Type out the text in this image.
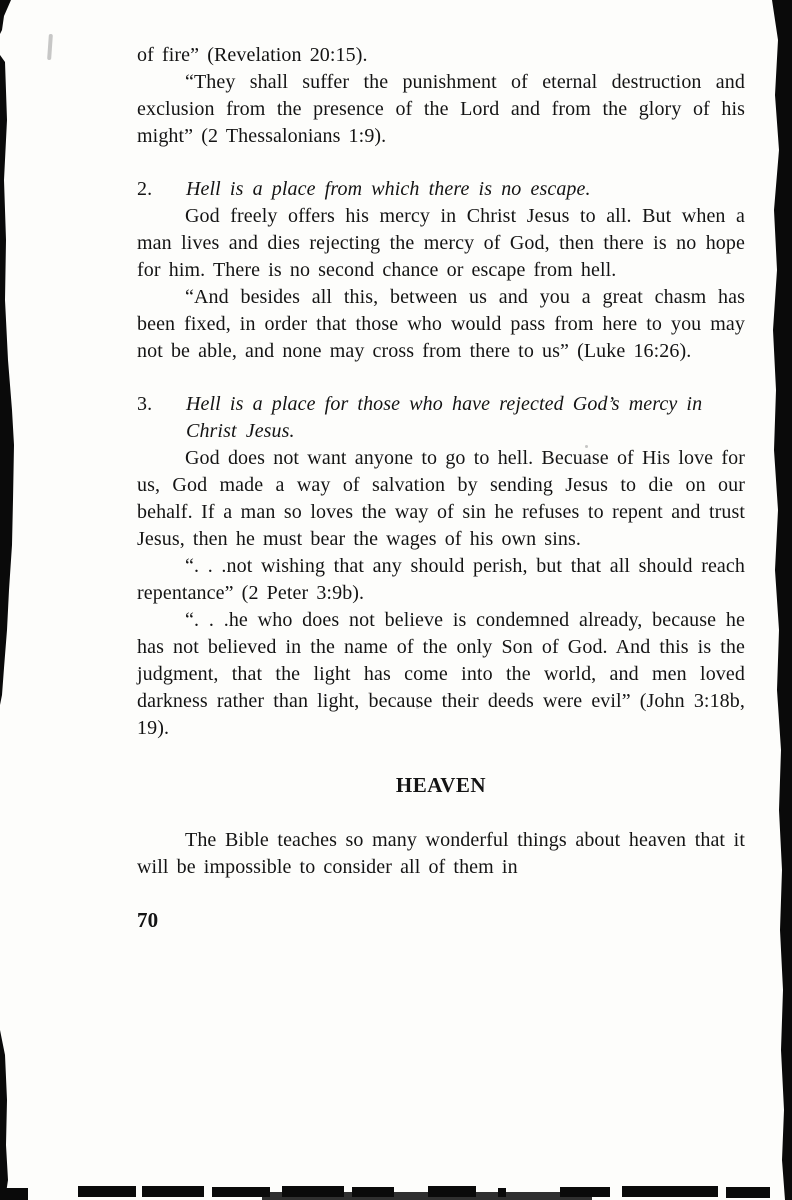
of fire” (Revelation 20:15).

“They shall suffer the punishment of eternal destruction and exclusion from the presence of the Lord and from the glory of his might” (2 Thessalonians 1:9).

2. Hell is a place from which there is no escape.

God freely offers his mercy in Christ Jesus to all. But when a man lives and dies rejecting the mercy of God, then there is no hope for him. There is no second chance or escape from hell.

“And besides all this, between us and you a great chasm has been fixed, in order that those who would pass from here to you may not be able, and none may cross from there to us” (Luke 16:26).

3. Hell is a place for those who have rejected God’s mercy in Christ Jesus.

God does not want anyone to go to hell. Becuase of His love for us, God made a way of salvation by sending Jesus to die on our behalf. If a man so loves the way of sin he refuses to repent and trust Jesus, then he must bear the wages of his own sins.

“. . .not wishing that any should perish, but that all should reach repentance” (2 Peter 3:9b).

“. . .he who does not believe is condemned already, because he has not believed in the name of the only Son of God. And this is the judgment, that the light has come into the world, and men loved darkness rather than light, because their deeds were evil” (John 3:18b, 19).

HEAVEN

The Bible teaches so many wonderful things about heaven that it will be impossible to consider all of them in

70
